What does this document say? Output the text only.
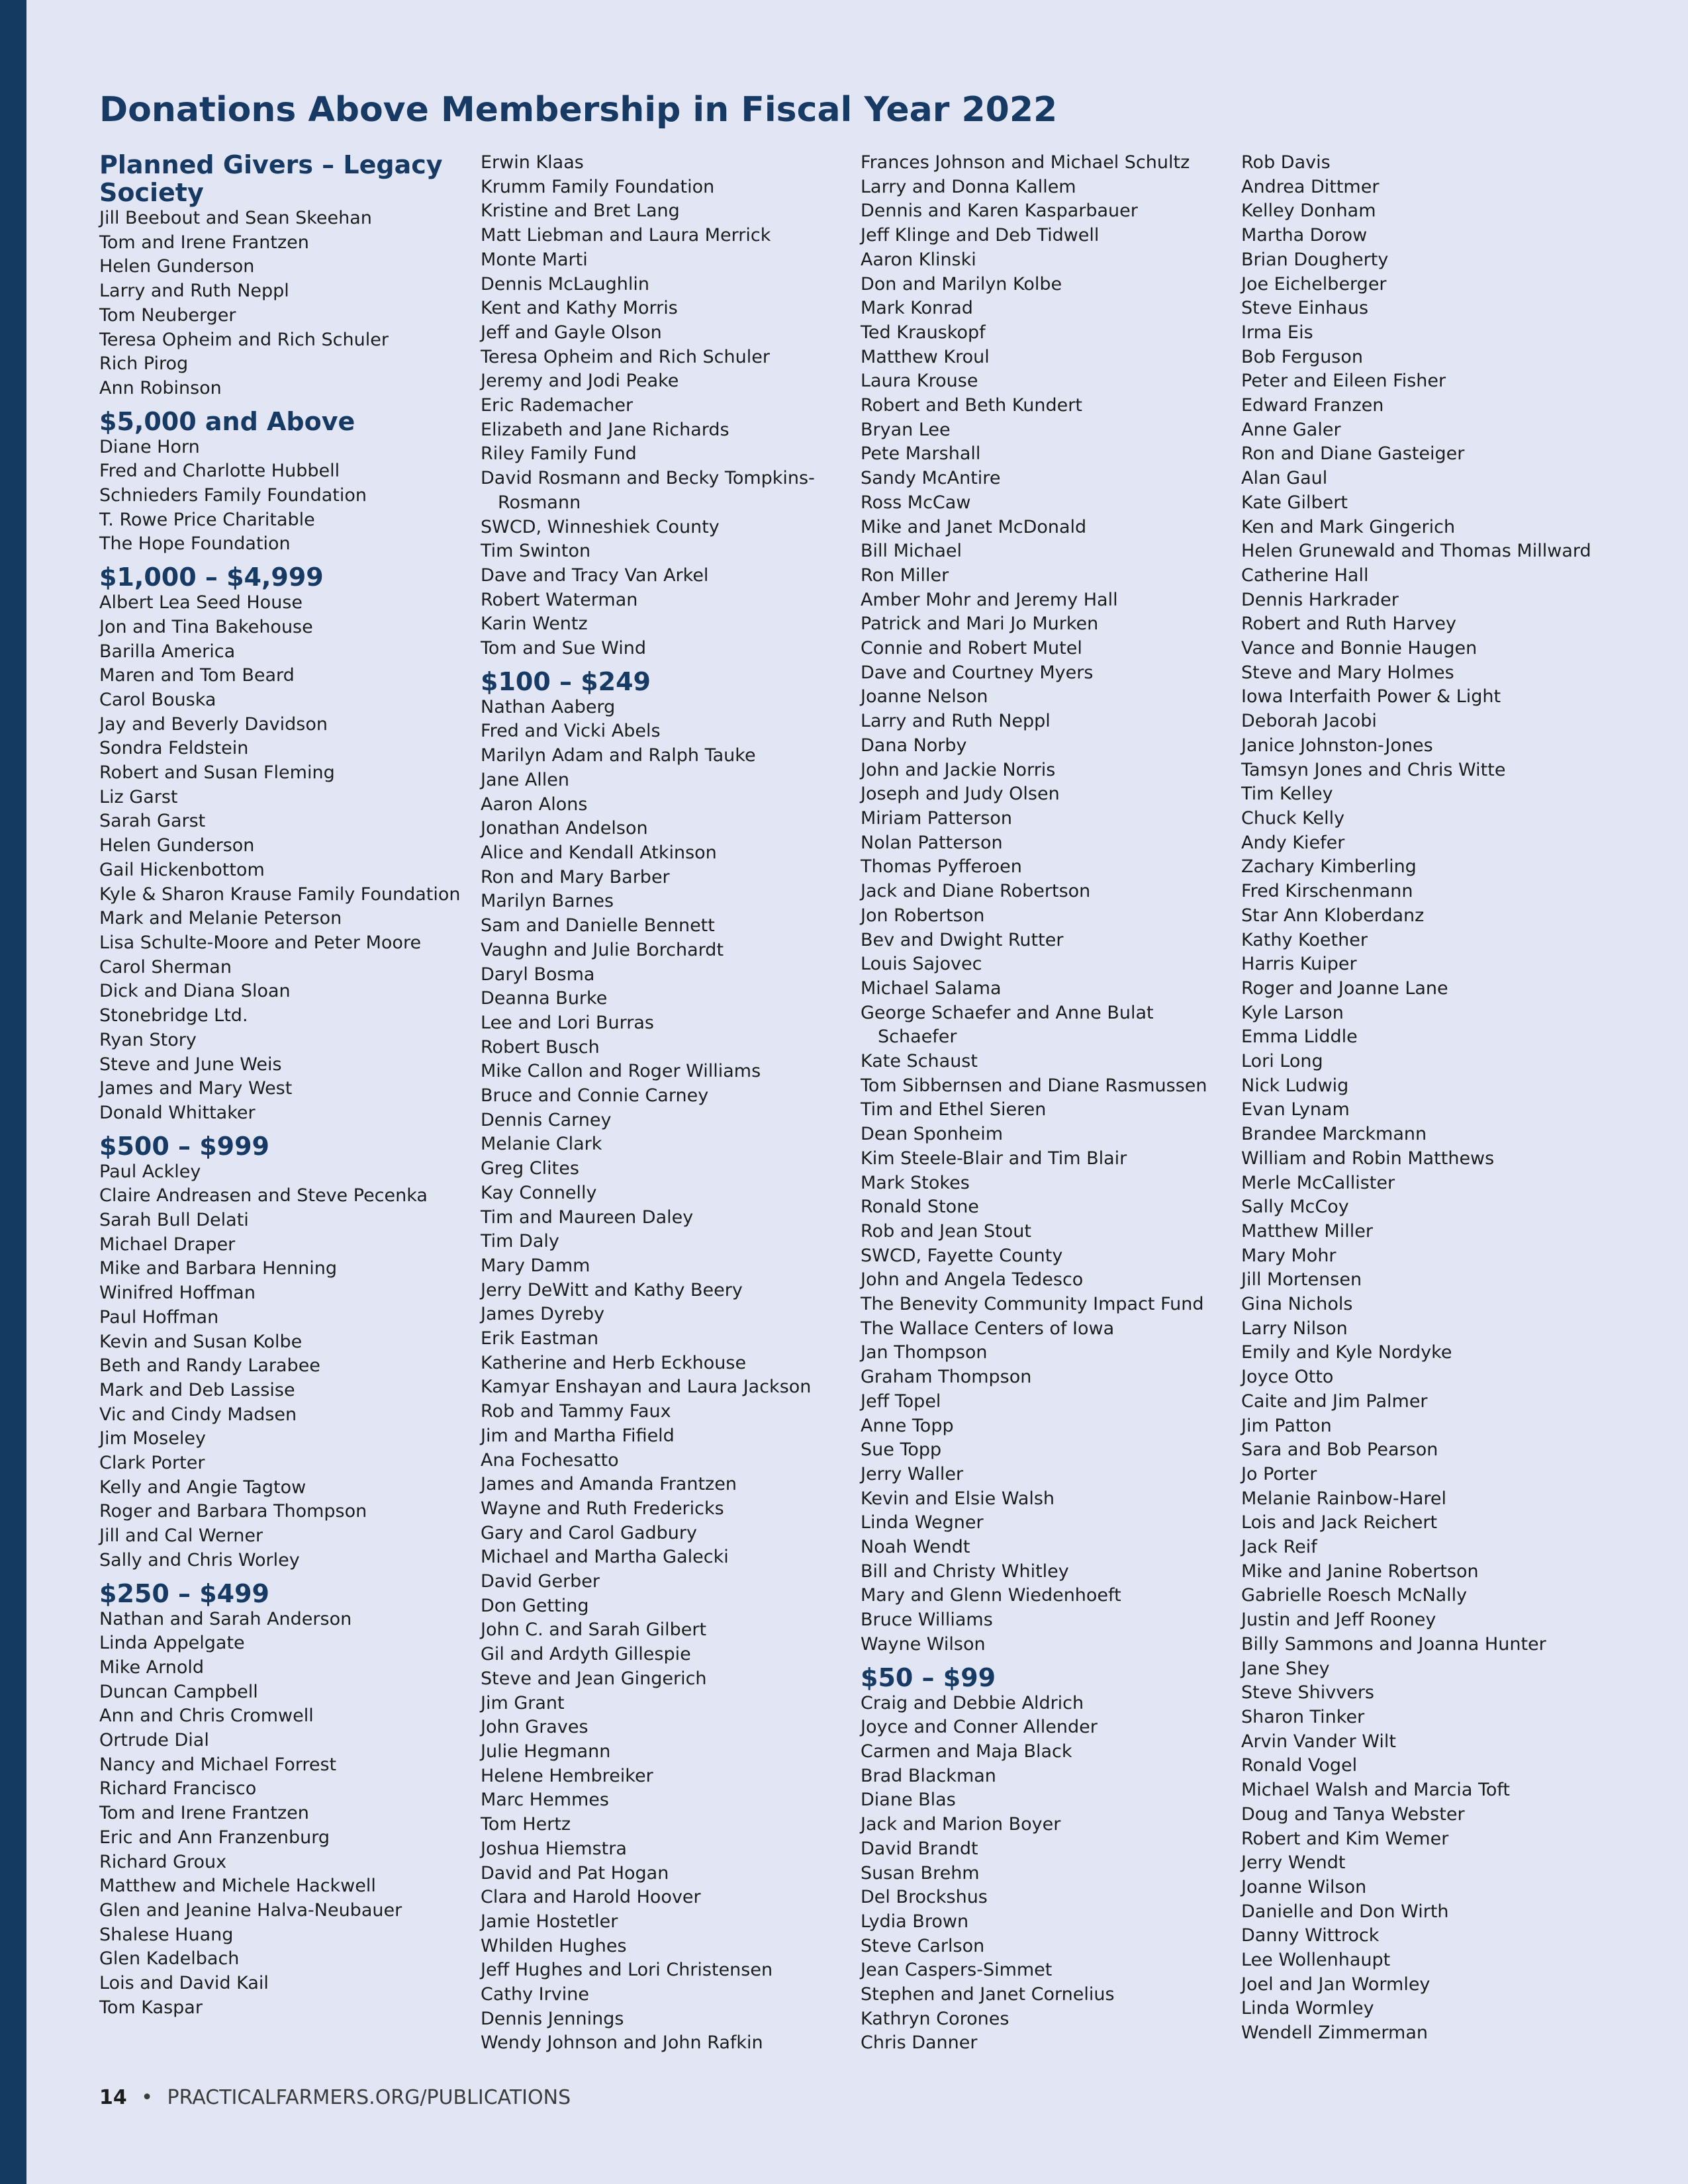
Donations Above Membership in Fiscal Year 2022
Planned Givers – Legacy Society
Jill Beebout and Sean Skeehan
Tom and Irene Frantzen
Helen Gunderson
Larry and Ruth Neppl
Tom Neuberger
Teresa Opheim and Rich Schuler
Rich Pirog
Ann Robinson
$5,000 and Above
Diane Horn
Fred and Charlotte Hubbell
Schnieders Family Foundation
T. Rowe Price Charitable
The Hope Foundation
$1,000 – $4,999
Albert Lea Seed House
Jon and Tina Bakehouse
Barilla America
Maren and Tom Beard
Carol Bouska
Jay and Beverly Davidson
Sondra Feldstein
Robert and Susan Fleming
Liz Garst
Sarah Garst
Helen Gunderson
Gail Hickenbottom
Kyle & Sharon Krause Family Foundation
Mark and Melanie Peterson
Lisa Schulte-Moore and Peter Moore
Carol Sherman
Dick and Diana Sloan
Stonebridge Ltd.
Ryan Story
Steve and June Weis
James and Mary West
Donald Whittaker
$500 – $999
Paul Ackley
Claire Andreasen and Steve Pecenka
Sarah Bull Delati
Michael Draper
Mike and Barbara Henning
Winifred Hoffman
Paul Hoffman
Kevin and Susan Kolbe
Beth and Randy Larabee
Mark and Deb Lassise
Vic and Cindy Madsen
Jim Moseley
Clark Porter
Kelly and Angie Tagtow
Roger and Barbara Thompson
Jill and Cal Werner
Sally and Chris Worley
$250 – $499
Nathan and Sarah Anderson
Linda Appelgate
Mike Arnold
Duncan Campbell
Ann and Chris Cromwell
Ortrude Dial
Nancy and Michael Forrest
Richard Francisco
Tom and Irene Frantzen
Eric and Ann Franzenburg
Richard Groux
Matthew and Michele Hackwell
Glen and Jeanine Halva-Neubauer
Shalese Huang
Glen Kadelbach
Lois and David Kail
Tom Kaspar
Erwin Klaas
Krumm Family Foundation
Kristine and Bret Lang
Matt Liebman and Laura Merrick
Monte Marti
Dennis McLaughlin
Kent and Kathy Morris
Jeff and Gayle Olson
Teresa Opheim and Rich Schuler
Jeremy and Jodi Peake
Eric Rademacher
Elizabeth and Jane Richards
Riley Family Fund
David Rosmann and Becky Tompkins-Rosmann
SWCD, Winneshiek County
Tim Swinton
Dave and Tracy Van Arkel
Robert Waterman
Karin Wentz
Tom and Sue Wind
$100 – $249
Nathan Aaberg
Fred and Vicki Abels
Marilyn Adam and Ralph Tauke
Jane Allen
Aaron Alons
Jonathan Andelson
Alice and Kendall Atkinson
Ron and Mary Barber
Marilyn Barnes
Sam and Danielle Bennett
Vaughn and Julie Borchardt
Daryl Bosma
Deanna Burke
Lee and Lori Burras
Robert Busch
Mike Callon and Roger Williams
Bruce and Connie Carney
Dennis Carney
Melanie Clark
Greg Clites
Kay Connelly
Tim and Maureen Daley
Tim Daly
Mary Damm
Jerry DeWitt and Kathy Beery
James Dyreby
Erik Eastman
Katherine and Herb Eckhouse
Kamyar Enshayan and Laura Jackson
Rob and Tammy Faux
Jim and Martha Fifield
Ana Fochesatto
James and Amanda Frantzen
Wayne and Ruth Fredericks
Gary and Carol Gadbury
Michael and Martha Galecki
David Gerber
Don Getting
John C. and Sarah Gilbert
Gil and Ardyth Gillespie
Steve and Jean Gingerich
Jim Grant
John Graves
Julie Hegmann
Helene Hembreiker
Marc Hemmes
Tom Hertz
Joshua Hiemstra
David and Pat Hogan
Clara and Harold Hoover
Jamie Hostetler
Whilden Hughes
Jeff Hughes and Lori Christensen
Cathy Irvine
Dennis Jennings
Wendy Johnson and John Rafkin
Frances Johnson and Michael Schultz
Larry and Donna Kallem
Dennis and Karen Kasparbauer
Jeff Klinge and Deb Tidwell
Aaron Klinski
Don and Marilyn Kolbe
Mark Konrad
Ted Krauskopf
Matthew Kroul
Laura Krouse
Robert and Beth Kundert
Bryan Lee
Pete Marshall
Sandy McAntire
Ross McCaw
Mike and Janet McDonald
Bill Michael
Ron Miller
Amber Mohr and Jeremy Hall
Patrick and Mari Jo Murken
Connie and Robert Mutel
Dave and Courtney Myers
Joanne Nelson
Larry and Ruth Neppl
Dana Norby
John and Jackie Norris
Joseph and Judy Olsen
Miriam Patterson
Nolan Patterson
Thomas Pyfferoen
Jack and Diane Robertson
Jon Robertson
Bev and Dwight Rutter
Louis Sajovec
Michael Salama
George Schaefer and Anne Bulat Schaefer
Kate Schaust
Tom Sibbernsen and Diane Rasmussen
Tim and Ethel Sieren
Dean Sponheim
Kim Steele-Blair and Tim Blair
Mark Stokes
Ronald Stone
Rob and Jean Stout
SWCD, Fayette County
John and Angela Tedesco
The Benevity Community Impact Fund
The Wallace Centers of Iowa
Jan Thompson
Graham Thompson
Jeff Topel
Anne Topp
Sue Topp
Jerry Waller
Kevin and Elsie Walsh
Linda Wegner
Noah Wendt
Bill and Christy Whitley
Mary and Glenn Wiedenhoeft
Bruce Williams
Wayne Wilson
$50 – $99
Craig and Debbie Aldrich
Joyce and Conner Allender
Carmen and Maja Black
Brad Blackman
Diane Blas
Jack and Marion Boyer
David Brandt
Susan Brehm
Del Brockshus
Lydia Brown
Steve Carlson
Jean Caspers-Simmet
Stephen and Janet Cornelius
Kathryn Corones
Chris Danner
Rob Davis
Andrea Dittmer
Kelley Donham
Martha Dorow
Brian Dougherty
Joe Eichelberger
Steve Einhaus
Irma Eis
Bob Ferguson
Peter and Eileen Fisher
Edward Franzen
Anne Galer
Ron and Diane Gasteiger
Alan Gaul
Kate Gilbert
Ken and Mark Gingerich
Helen Grunewald and Thomas Millward
Catherine Hall
Dennis Harkrader
Robert and Ruth Harvey
Vance and Bonnie Haugen
Steve and Mary Holmes
Iowa Interfaith Power & Light
Deborah Jacobi
Janice Johnston-Jones
Tamsyn Jones and Chris Witte
Tim Kelley
Chuck Kelly
Andy Kiefer
Zachary Kimberling
Fred Kirschenmann
Star Ann Kloberdanz
Kathy Koether
Harris Kuiper
Roger and Joanne Lane
Kyle Larson
Emma Liddle
Lori Long
Nick Ludwig
Evan Lynam
Brandee Marckmann
William and Robin Matthews
Merle McCallister
Sally McCoy
Matthew Miller
Mary Mohr
Jill Mortensen
Gina Nichols
Larry Nilson
Emily and Kyle Nordyke
Joyce Otto
Caite and Jim Palmer
Jim Patton
Sara and Bob Pearson
Jo Porter
Melanie Rainbow-Harel
Lois and Jack Reichert
Jack Reif
Mike and Janine Robertson
Gabrielle Roesch McNally
Justin and Jeff Rooney
Billy Sammons and Joanna Hunter
Jane Shey
Steve Shivvers
Sharon Tinker
Arvin Vander Wilt
Ronald Vogel
Michael Walsh and Marcia Toft
Doug and Tanya Webster
Robert and Kim Wemer
Jerry Wendt
Joanne Wilson
Danielle and Don Wirth
Danny Wittrock
Lee Wollenhaupt
Joel and Jan Wormley
Linda Wormley
Wendell Zimmerman
14 • PRACTICALFARMERS.ORG/PUBLICATIONS
